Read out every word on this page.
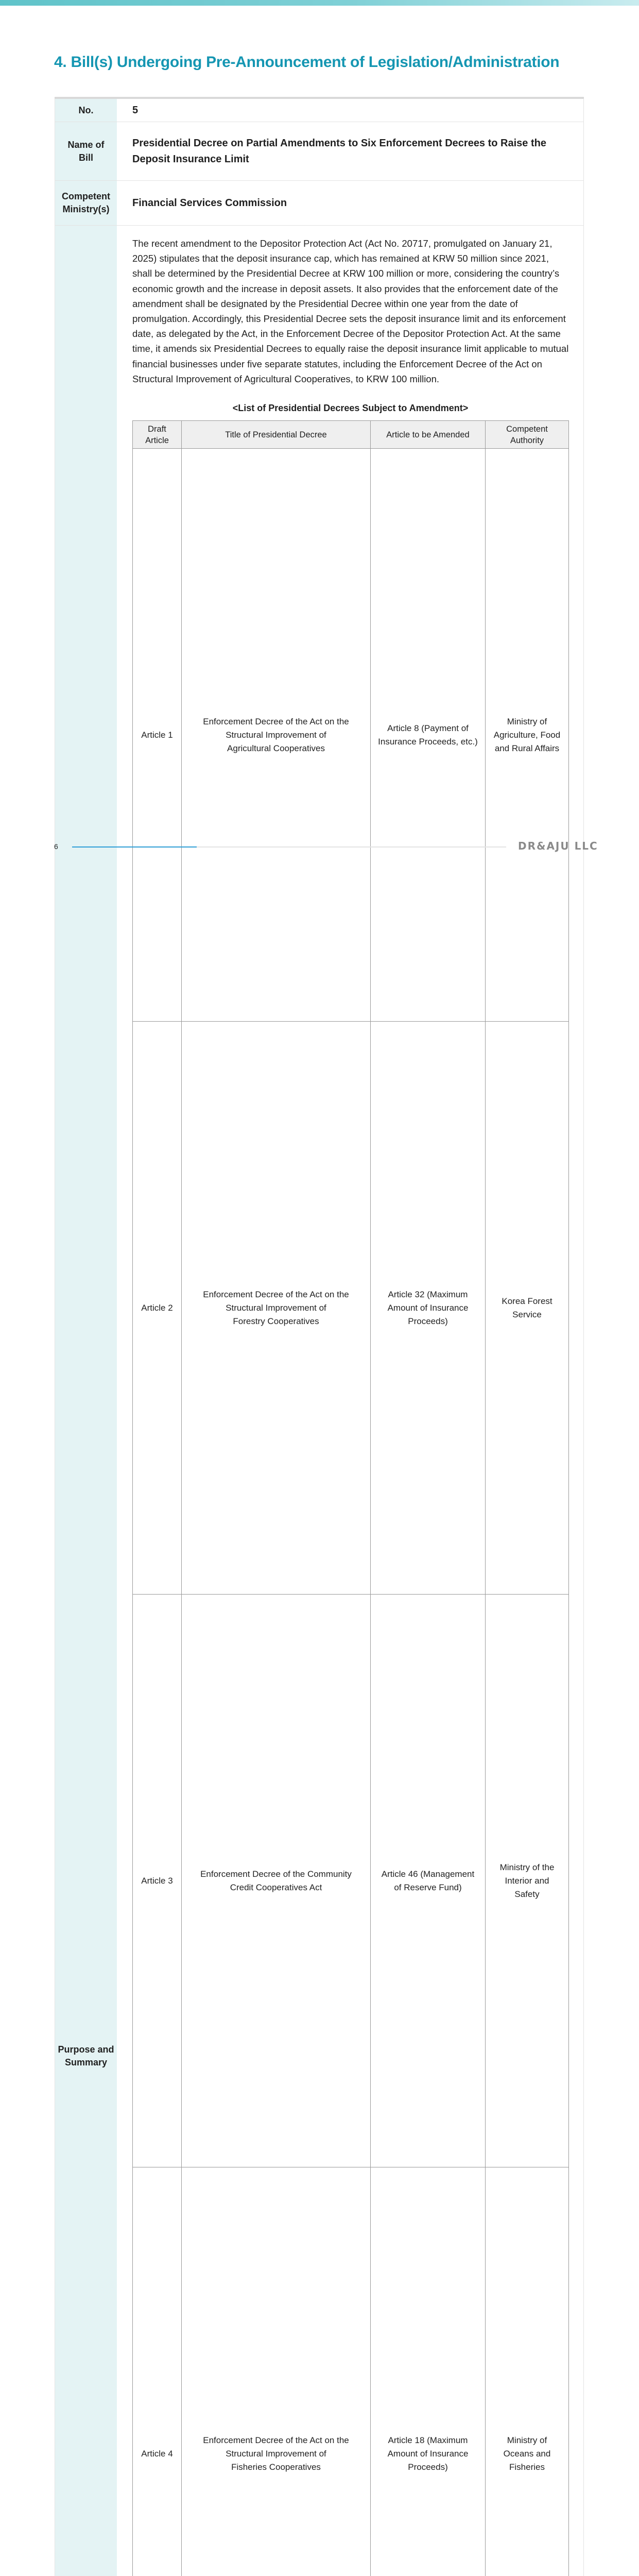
4. Bill(s) Undergoing Pre-Announcement of Legislation/Administration
No.	5
Name of
Bill	Presidential Decree on Partial Amendments to Six Enforcement Decrees to Raise the Deposit Insurance Limit
Competent
Ministry(s)	Financial Services Commission
Purpose and
Summary	

The recent amendment to the Depositor Protection Act (Act No. 20717, promulgated on January 21, 2025) stipulates that the deposit insurance cap, which has remained at KRW 50 million since 2021, shall be determined by the Presidential Decree at KRW 100 million or more, considering the country’s economic growth and the increase in deposit assets. It also provides that the enforcement date of the amendment shall be designated by the Presidential Decree within one year from the date of promulgation. Accordingly, this Presidential Decree sets the deposit insurance limit and its enforcement date, as delegated by the Act, in the Enforcement Decree of the Depositor Protection Act. At the same time, it amends six Presidential Decrees to equally raise the deposit insurance limit applicable to mutual financial businesses under five separate statutes, including the Enforcement Decree of the Act on Structural Improvement of Agricultural Cooperatives, to KRW 100 million.

<List of Presidential Decrees Subject to Amendment>
Draft
Article	Title of Presidential Decree	Article to be Amended	Competent
Authority
Article 1	Enforcement Decree of the Act on the
Structural Improvement of
Agricultural Cooperatives	Article 8 (Payment of
Insurance Proceeds, etc.)	Ministry of
Agriculture, Food
and Rural Affairs
Article 2	Enforcement Decree of the Act on the
Structural Improvement of
Forestry Cooperatives	Article 32 (Maximum
Amount of Insurance
Proceeds)	Korea Forest
Service
Article 3	Enforcement Decree of the Community
Credit Cooperatives Act	Article 46 (Management
of Reserve Fund)	Ministry of the
Interior and
Safety
Article 4	Enforcement Decree of the Act on the
Structural Improvement of
Fisheries Cooperatives	Article 18 (Maximum
Amount of Insurance
Proceeds)	Ministry of
Oceans and
Fisheries

6	DR&AJU LLC
